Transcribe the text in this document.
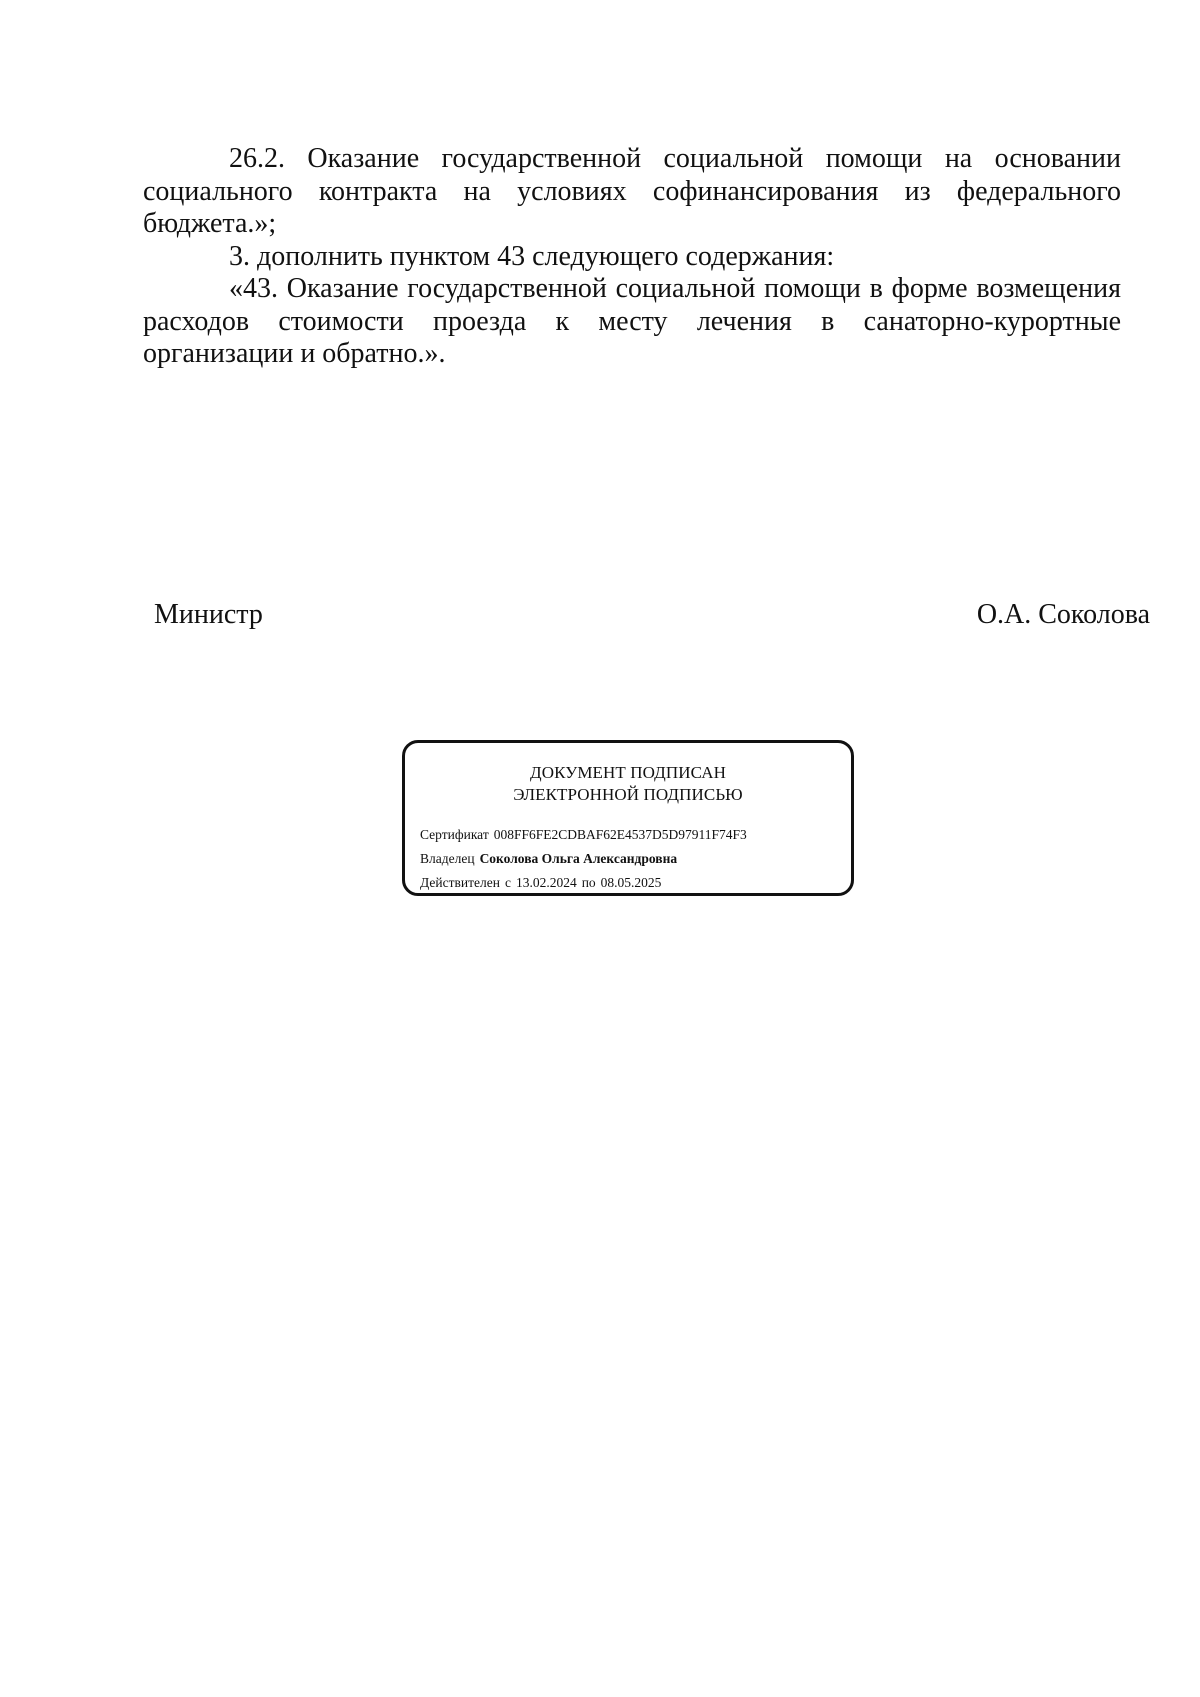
26.2. Оказание государственной социальной помощи на основании социального контракта на условиях софинансирования из федерального бюджета.»;

3. дополнить пунктом 43 следующего содержания:

«43. Оказание государственной социальной помощи в форме возмещения расходов стоимости проезда к месту лечения в санаторно-курортные организации и обратно.».

Министр	О.А. Соколова
ДОКУМЕНТ ПОДПИСАН
ЭЛЕКТРОННОЙ ПОДПИСЬЮ
Сертификат 008FF6FE2CDBAF62E4537D5D97911F74F3
Владелец Соколова Ольга Александровна
Действителен с 13.02.2024 по 08.05.2025
